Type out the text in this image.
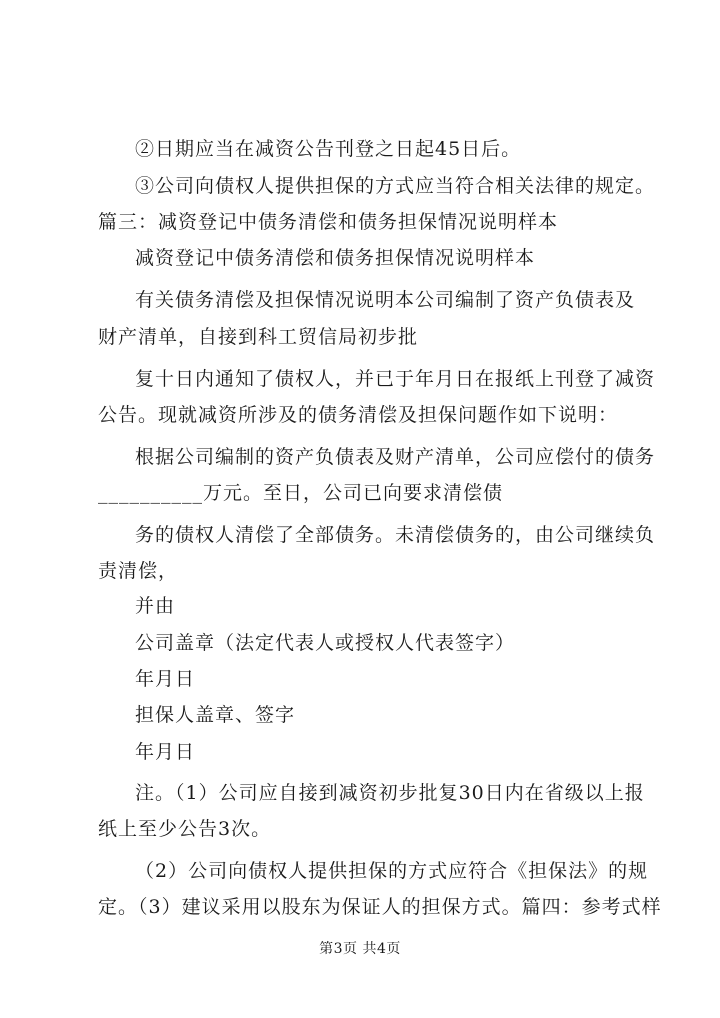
②日期应当在减资公告刊登之日起45日后。
③公司向债权人提供担保的方式应当符合相关法律的规定。
篇三：减资登记中债务清偿和债务担保情况说明样本
减资登记中债务清偿和债务担保情况说明样本
有关债务清偿及担保情况说明本公司编制了资产负债表及
财产清单，自接到科工贸信局初步批
复十日内通知了债权人，并已于年月日在报纸上刊登了减资
公告。现就减资所涉及的债务清偿及担保问题作如下说明：
根据公司编制的资产负债表及财产清单，公司应偿付的债务
__________万元。至日，公司已向要求清偿债
务的债权人清偿了全部债务。未清偿债务的，由公司继续负
责清偿，
并由
公司盖章（法定代表人或授权人代表签字）
年月日
担保人盖章、签字
年月日
注。（1）公司应自接到减资初步批复30日内在省级以上报
纸上至少公告3次。
（2）公司向债权人提供担保的方式应符合《担保法》的规
定。（3）建议采用以股东为保证人的担保方式。篇四：参考式样
第3页 共4页
